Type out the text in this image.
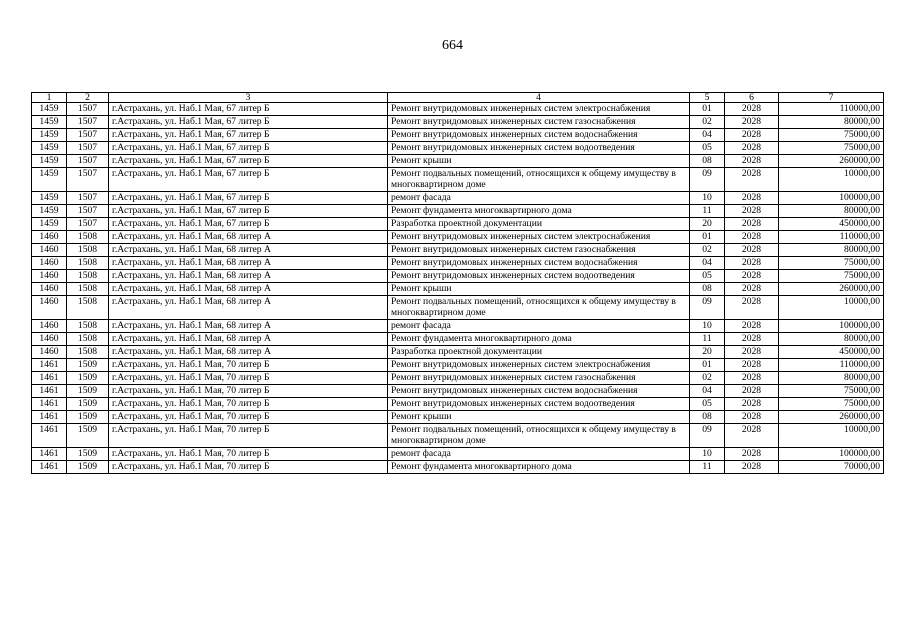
664
1	2	3	4	5	6	7
1459	1507	г.Астрахань, ул. Наб.1 Мая, 67 литер Б	Ремонт внутридомовых инженерных систем электроснабжения	01	2028	110000,00
1459	1507	г.Астрахань, ул. Наб.1 Мая, 67 литер Б	Ремонт внутридомовых инженерных систем газоснабжения	02	2028	80000,00
1459	1507	г.Астрахань, ул. Наб.1 Мая, 67 литер Б	Ремонт внутридомовых инженерных систем водоснабжения	04	2028	75000,00
1459	1507	г.Астрахань, ул. Наб.1 Мая, 67 литер Б	Ремонт внутридомовых инженерных систем водоотведения	05	2028	75000,00
1459	1507	г.Астрахань, ул. Наб.1 Мая, 67 литер Б	Ремонт крыши	08	2028	260000,00
1459	1507	г.Астрахань, ул. Наб.1 Мая, 67 литер Б	Ремонт подвальных помещений, относящихся к общему имуществу в многоквартирном доме	09	2028	10000,00
1459	1507	г.Астрахань, ул. Наб.1 Мая, 67 литер Б	ремонт фасада	10	2028	100000,00
1459	1507	г.Астрахань, ул. Наб.1 Мая, 67 литер Б	Ремонт фундамента многоквартирного дома	11	2028	80000,00
1459	1507	г.Астрахань, ул. Наб.1 Мая, 67 литер Б	Разработка проектной документации	20	2028	450000,00
1460	1508	г.Астрахань, ул. Наб.1 Мая, 68 литер А	Ремонт внутридомовых инженерных систем электроснабжения	01	2028	110000,00
1460	1508	г.Астрахань, ул. Наб.1 Мая, 68 литер А	Ремонт внутридомовых инженерных систем газоснабжения	02	2028	80000,00
1460	1508	г.Астрахань, ул. Наб.1 Мая, 68 литер А	Ремонт внутридомовых инженерных систем водоснабжения	04	2028	75000,00
1460	1508	г.Астрахань, ул. Наб.1 Мая, 68 литер А	Ремонт внутридомовых инженерных систем водоотведения	05	2028	75000,00
1460	1508	г.Астрахань, ул. Наб.1 Мая, 68 литер А	Ремонт крыши	08	2028	260000,00
1460	1508	г.Астрахань, ул. Наб.1 Мая, 68 литер А	Ремонт подвальных помещений, относящихся к общему имуществу в многоквартирном доме	09	2028	10000,00
1460	1508	г.Астрахань, ул. Наб.1 Мая, 68 литер А	ремонт фасада	10	2028	100000,00
1460	1508	г.Астрахань, ул. Наб.1 Мая, 68 литер А	Ремонт фундамента многоквартирного дома	11	2028	80000,00
1460	1508	г.Астрахань, ул. Наб.1 Мая, 68 литер А	Разработка проектной документации	20	2028	450000,00
1461	1509	г.Астрахань, ул. Наб.1 Мая, 70 литер Б	Ремонт внутридомовых инженерных систем электроснабжения	01	2028	110000,00
1461	1509	г.Астрахань, ул. Наб.1 Мая, 70 литер Б	Ремонт внутридомовых инженерных систем газоснабжения	02	2028	80000,00
1461	1509	г.Астрахань, ул. Наб.1 Мая, 70 литер Б	Ремонт внутридомовых инженерных систем водоснабжения	04	2028	75000,00
1461	1509	г.Астрахань, ул. Наб.1 Мая, 70 литер Б	Ремонт внутридомовых инженерных систем водоотведения	05	2028	75000,00
1461	1509	г.Астрахань, ул. Наб.1 Мая, 70 литер Б	Ремонт крыши	08	2028	260000,00
1461	1509	г.Астрахань, ул. Наб.1 Мая, 70 литер Б	Ремонт подвальных помещений, относящихся к общему имуществу в многоквартирном доме	09	2028	10000,00
1461	1509	г.Астрахань, ул. Наб.1 Мая, 70 литер Б	ремонт фасада	10	2028	100000,00
1461	1509	г.Астрахань, ул. Наб.1 Мая, 70 литер Б	Ремонт фундамента многоквартирного дома	11	2028	70000,00
